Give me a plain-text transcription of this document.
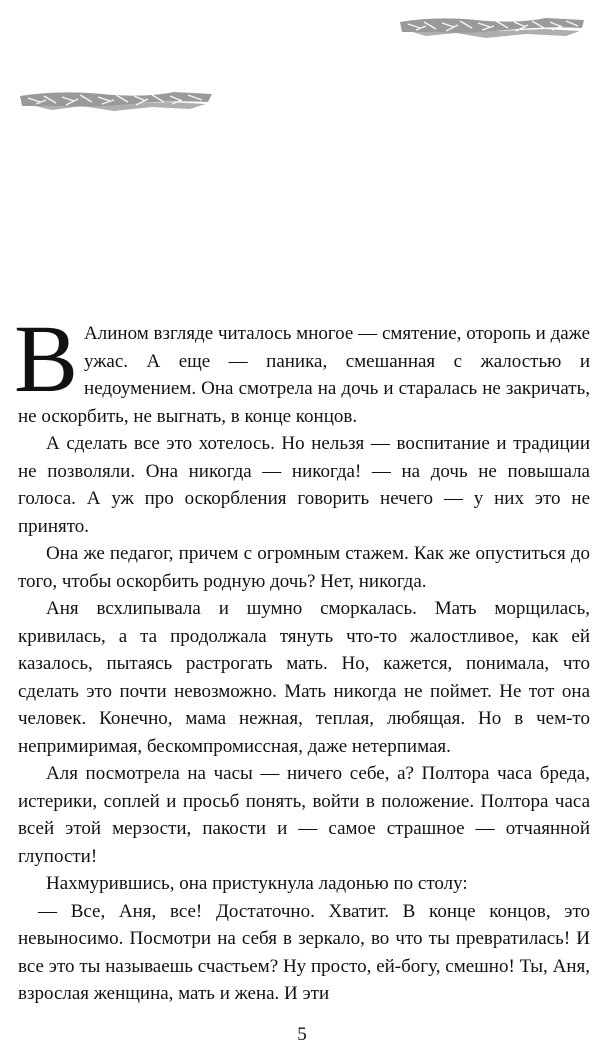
В Алином взгляде читалось многое — смятение, оторопь и даже ужас. А еще — паника, смешанная с жалостью и недоумением. Она смотрела на дочь и старалась не закричать, не оскорбить, не выгнать, в конце концов.

А сделать все это хотелось. Но нельзя — воспитание и традиции не позволяли. Она никогда — никогда! — на дочь не повышала голоса. А уж про оскорбления говорить нечего — у них это не принято.

Она же педагог, причем с огромным стажем. Как же опуститься до того, чтобы оскорбить родную дочь? Нет, никогда.

Аня всхлипывала и шумно сморкалась. Мать морщилась, кривилась, а та продолжала тянуть что-то жалостливое, как ей казалось, пытаясь растрогать мать. Но, кажется, понимала, что сделать это почти невозможно. Мать никогда не поймет. Не тот она человек. Конечно, мама нежная, теплая, любящая. Но в чем-то непримиримая, бескомпромиссная, даже нетерпимая.

Аля посмотрела на часы — ничего себе, а? Полтора часа бреда, истерики, соплей и просьб понять, войти в положение. Полтора часа всей этой мерзости, пакости и — самое страшное — отчаянной глупости!

Нахмурившись, она пристукнула ладонью по столу:

— Все, Аня, все! Достаточно. Хватит. В конце концов, это невыносимо. Посмотри на себя в зеркало, во что ты превратилась! И все это ты называешь счастьем? Ну просто, ей-богу, смешно! Ты, Аня, взрослая женщина, мать и жена. И эти

5
